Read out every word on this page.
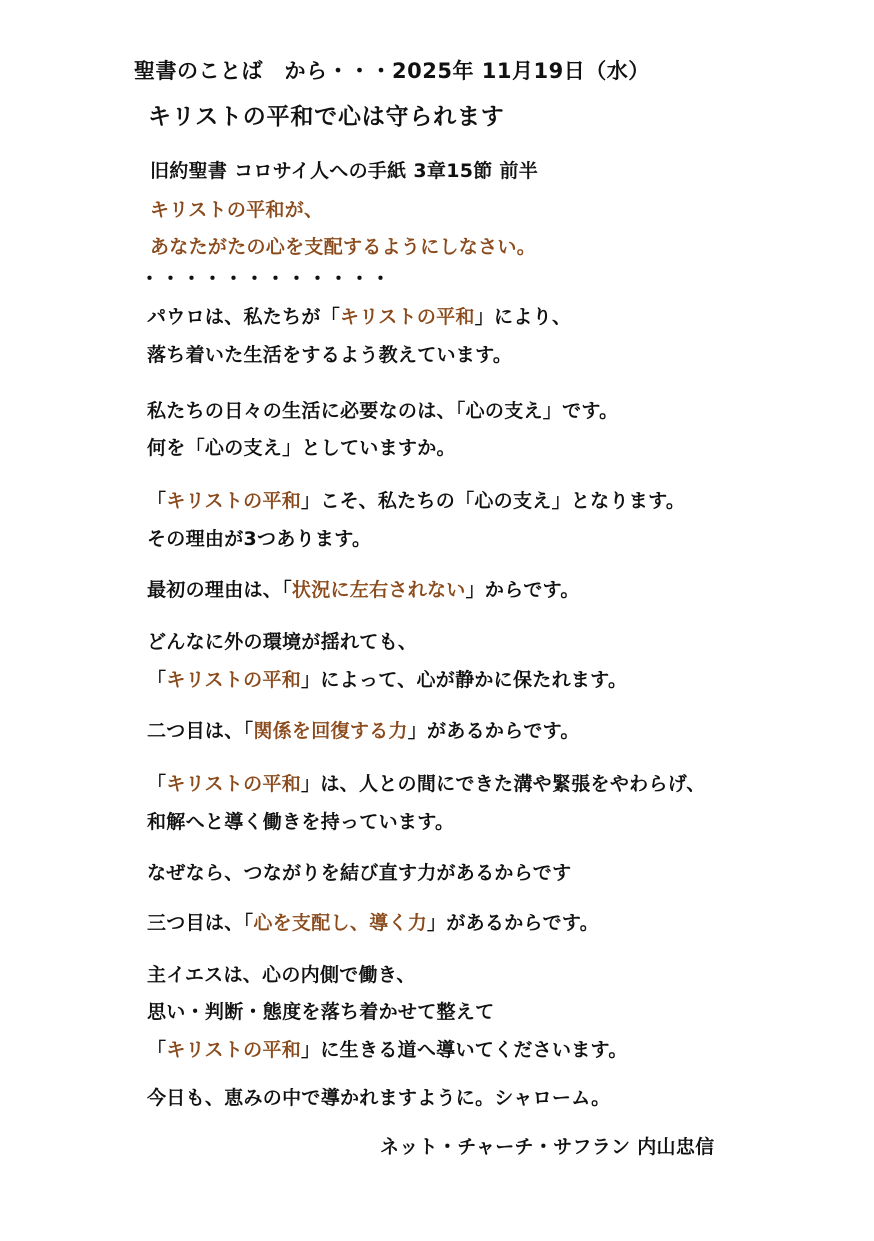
聖書のことば　から・・・2025年 11月19日（水）
キリストの平和で心は守られます
旧約聖書 コロサイ人への手紙 3章15節 前半
キリストの平和が、
あなたがたの心を支配するようにしなさい。
・・・・・・・・・・・・
パウロは、私たちが「キリストの平和」により、
落ち着いた生活をするよう教えています。
私たちの日々の生活に必要なのは、「心の支え」です。
何を「心の支え」としていますか。
「キリストの平和」こそ、私たちの「心の支え」となります。
その理由が3つあります。
最初の理由は、「状況に左右されない」からです。
どんなに外の環境が揺れても、
「キリストの平和」によって、心が静かに保たれます。
二つ目は、「関係を回復する力」があるからです。
「キリストの平和」は、人との間にできた溝や緊張をやわらげ、
和解へと導く働きを持っています。
なぜなら、つながりを結び直す力があるからです
三つ目は、「心を支配し、導く力」があるからです。
主イエスは、心の内側で働き、
思い・判断・態度を落ち着かせて整えて
「キリストの平和」に生きる道へ導いてくださいます。
今日も、恵みの中で導かれますように。シャローム。
ネット・チャーチ・サフラン 内山忠信
